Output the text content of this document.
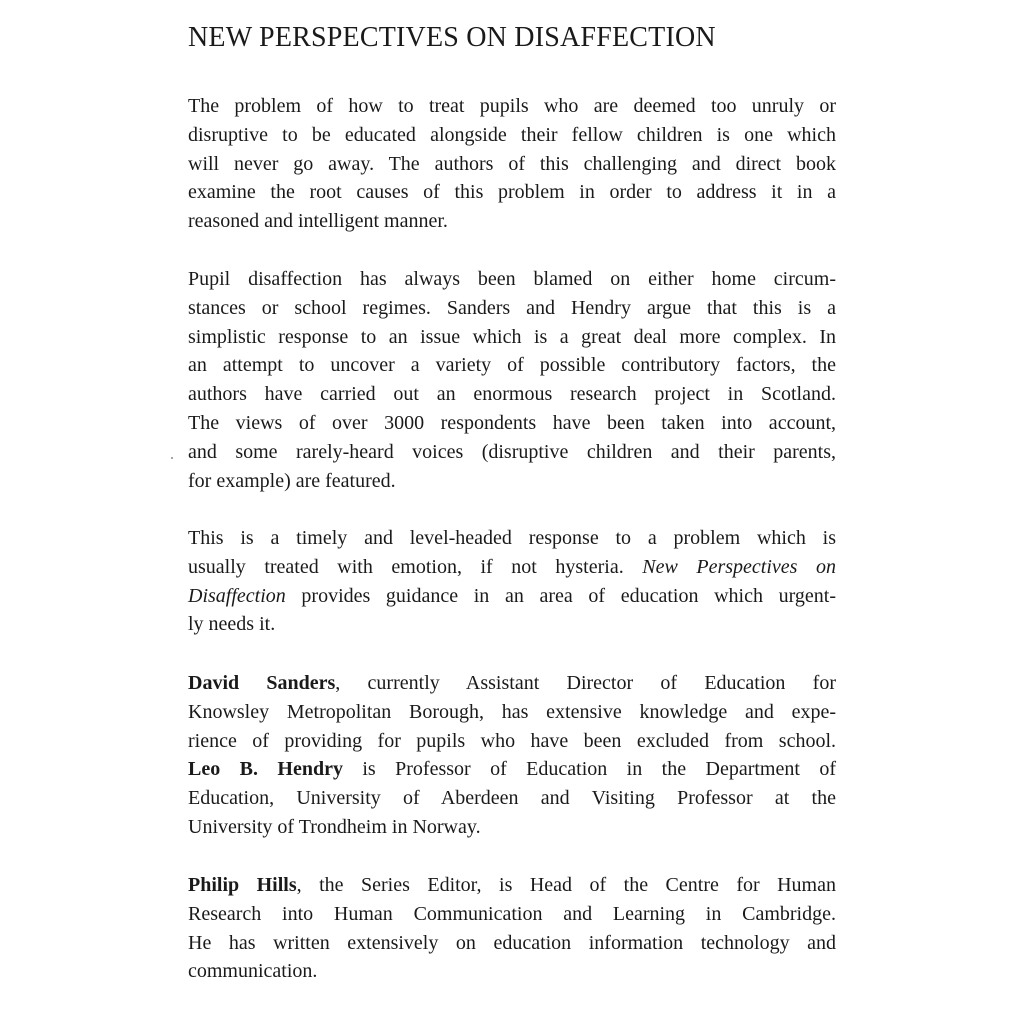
NEW PERSPECTIVES ON DISAFFECTION

The problem of how to treat pupils who are deemed too unruly or
disruptive to be educated alongside their fellow children is one which
will never go away. The authors of this challenging and direct book
examine the root causes of this problem in order to address it in a
reasoned and intelligent manner.

Pupil disaffection has always been blamed on either home circum-
stances or school regimes. Sanders and Hendry argue that this is a
simplistic response to an issue which is a great deal more complex. In
an attempt to uncover a variety of possible contributory factors, the
authors have carried out an enormous research project in Scotland.
The views of over 3000 respondents have been taken into account,
and some rarely-heard voices (disruptive children and their parents,
for example) are featured.

This is a timely and level-headed response to a problem which is
usually treated with emotion, if not hysteria. New Perspectives on
Disaffection provides guidance in an area of education which urgent-
ly needs it.

David Sanders, currently Assistant Director of Education for
Knowsley Metropolitan Borough, has extensive knowledge and expe-
rience of providing for pupils who have been excluded from school.
Leo B. Hendry is Professor of Education in the Department of
Education, University of Aberdeen and Visiting Professor at the
University of Trondheim in Norway.

Philip Hills, the Series Editor, is Head of the Centre for Human
Research into Human Communication and Learning in Cambridge.
He has written extensively on education information technology and
communication.
